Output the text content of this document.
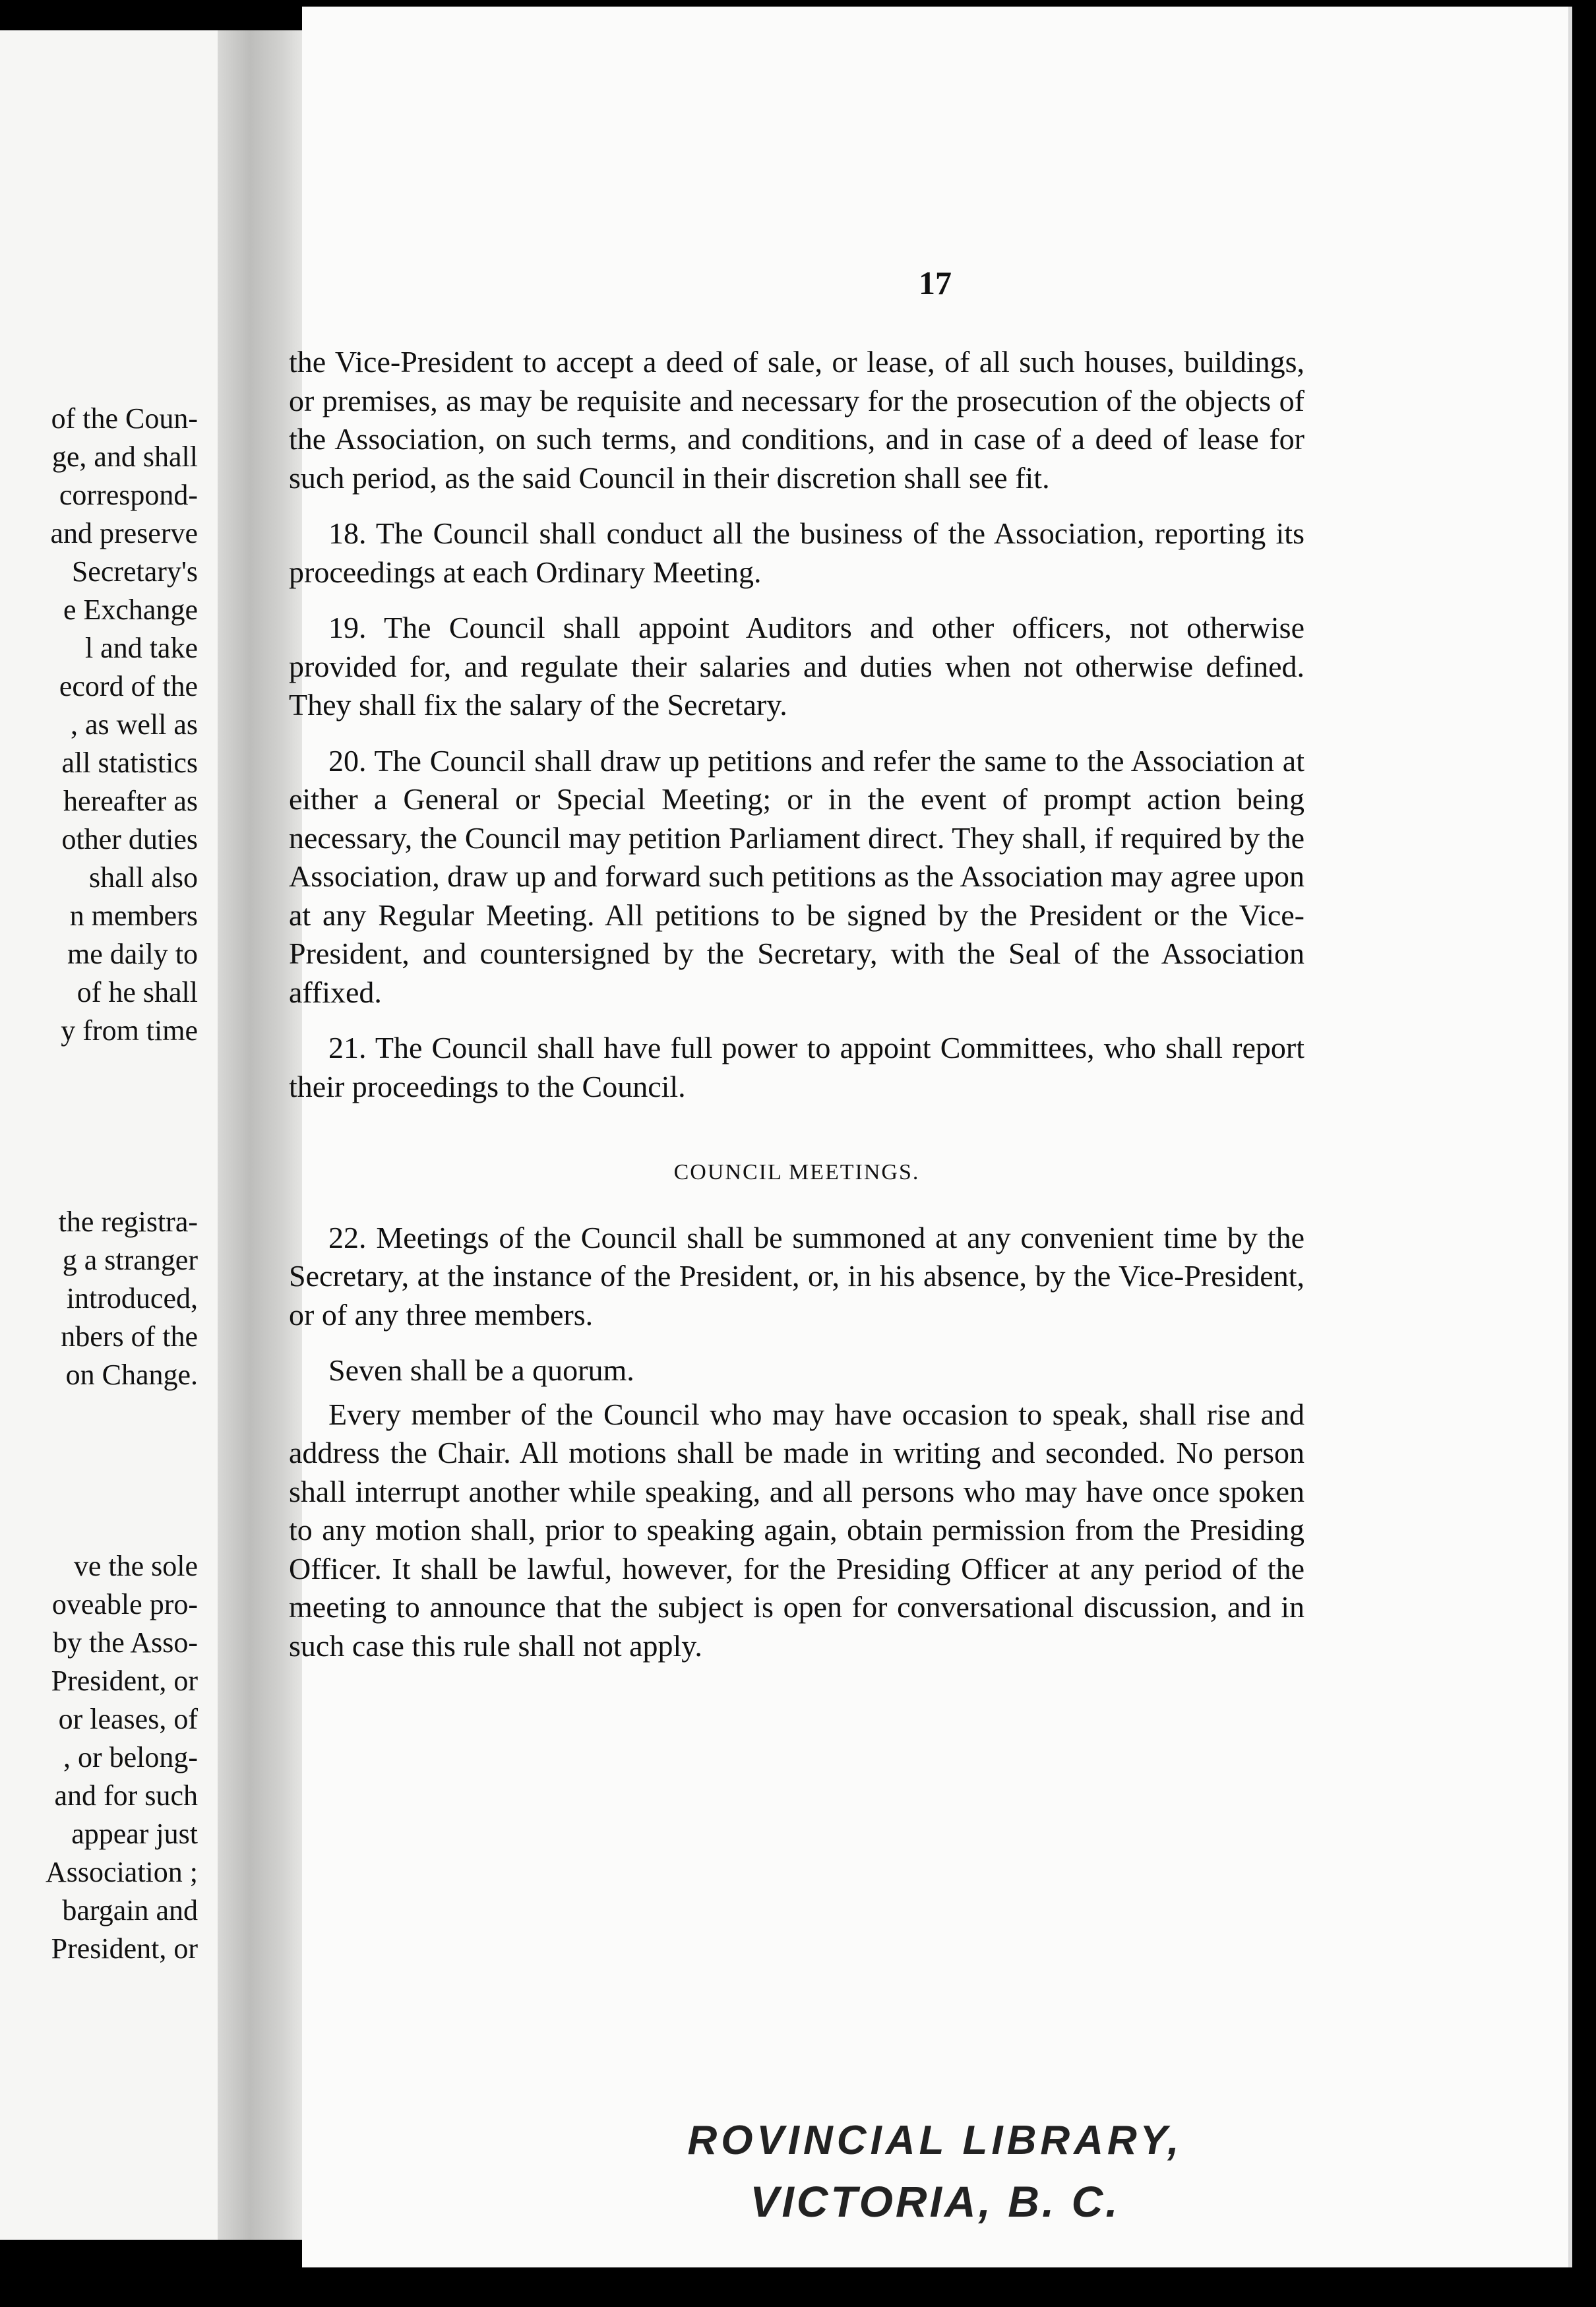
of the Coun-
ge, and shall
correspond-
and preserve
Secretary's
e Exchange
l and take
ecord of the
, as well as
all statistics
hereafter as
other duties
shall also
n members
me daily to
of he shall
y from time
the registra-
g a stranger
introduced,
nbers of the
on Change.
ve the sole
oveable pro-
by the Asso-
President, or
or leases, of
, or belong-
and for such
appear just
Association ;
bargain and
President, or
17

the Vice-President to accept a deed of sale, or lease, of all such houses, buildings, or premises, as may be requisite and necessary for the prosecution of the objects of the Association, on such terms, and conditions, and in case of a deed of lease for such period, as the said Council in their discretion shall see fit.

18. The Council shall conduct all the business of the Association, reporting its proceedings at each Ordinary Meeting.

19. The Council shall appoint Auditors and other officers, not otherwise provided for, and regulate their salaries and duties when not otherwise defined. They shall fix the salary of the Secretary.

20. The Council shall draw up petitions and refer the same to the Association at either a General or Special Meeting; or in the event of prompt action being necessary, the Council may petition Parliament direct. They shall, if required by the Association, draw up and forward such petitions as the Association may agree upon at any Regular Meeting. All petitions to be signed by the President or the Vice-President, and countersigned by the Secretary, with the Seal of the Association affixed.

21. The Council shall have full power to appoint Committees, who shall report their proceedings to the Council.

COUNCIL MEETINGS.

22. Meetings of the Council shall be summoned at any convenient time by the Secretary, at the instance of the President, or, in his absence, by the Vice-President, or of any three members.

Seven shall be a quorum.

Every member of the Council who may have occasion to speak, shall rise and address the Chair. All motions shall be made in writing and seconded. No person shall interrupt another while speaking, and all persons who may have once spoken to any motion shall, prior to speaking again, obtain permission from the Presiding Officer. It shall be lawful, however, for the Presiding Officer at any period of the meeting to announce that the subject is open for conversational discussion, and in such case this rule shall not apply.

ROVINCIAL LIBRARY,
VICTORIA, B. C.
